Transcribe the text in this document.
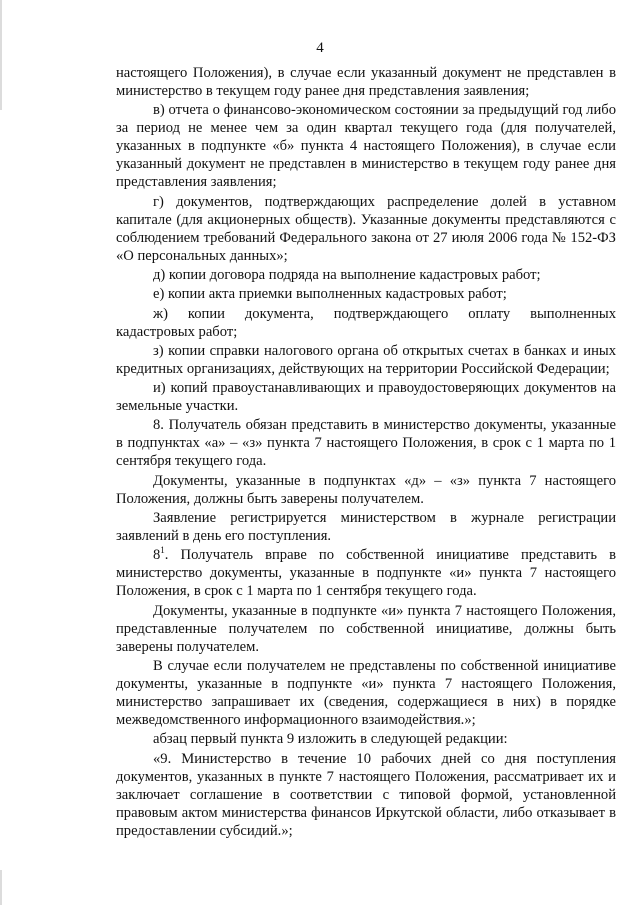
4

настоящего Положения), в случае если указанный документ не представлен в министерство в текущем году ранее дня представления заявления;

в) отчета о финансово-экономическом состоянии за предыдущий год либо за период не менее чем за один квартал текущего года (для получателей, указанных в подпункте «б» пункта 4 настоящего Положения), в случае если указанный документ не представлен в министерство в текущем году ранее дня представления заявления;

г) документов, подтверждающих распределение долей в уставном капитале (для акционерных обществ). Указанные документы представляются с соблюдением требований Федерального закона от 27 июля 2006 года № 152-ФЗ «О персональных данных»;

д) копии договора подряда на выполнение кадастровых работ;

е) копии акта приемки выполненных кадастровых работ;

ж) копии документа, подтверждающего оплату выполненных кадастровых работ;

з) копии справки налогового органа об открытых счетах в банках и иных кредитных организациях, действующих на территории Российской Федерации;

и) копий правоустанавливающих и правоудостоверяющих документов на земельные участки.

8. Получатель обязан представить в министерство документы, указанные в подпунктах «а» – «з» пункта 7 настоящего Положения, в срок с 1 марта по 1 сентября текущего года.

Документы, указанные в подпунктах «д» – «з» пункта 7 настоящего Положения, должны быть заверены получателем.

Заявление регистрируется министерством в журнале регистрации заявлений в день его поступления.

$8^1$. Получатель вправе по собственной инициативе представить в министерство документы, указанные в подпункте «и» пункта 7 настоящего Положения, в срок с 1 марта по 1 сентября текущего года.

Документы, указанные в подпункте «и» пункта 7 настоящего Положения, представленные получателем по собственной инициативе, должны быть заверены получателем.

В случае если получателем не представлены по собственной инициативе документы, указанные в подпункте «и» пункта 7 настоящего Положения, министерство запрашивает их (сведения, содержащиеся в них) в порядке межведомственного информационного взаимодействия.»;

абзац первый пункта 9 изложить в следующей редакции:

«9. Министерство в течение 10 рабочих дней со дня поступления документов, указанных в пункте 7 настоящего Положения, рассматривает их и заключает соглашение в соответствии с типовой формой, установленной правовым актом министерства финансов Иркутской области, либо отказывает в предоставлении субсидий.»;
